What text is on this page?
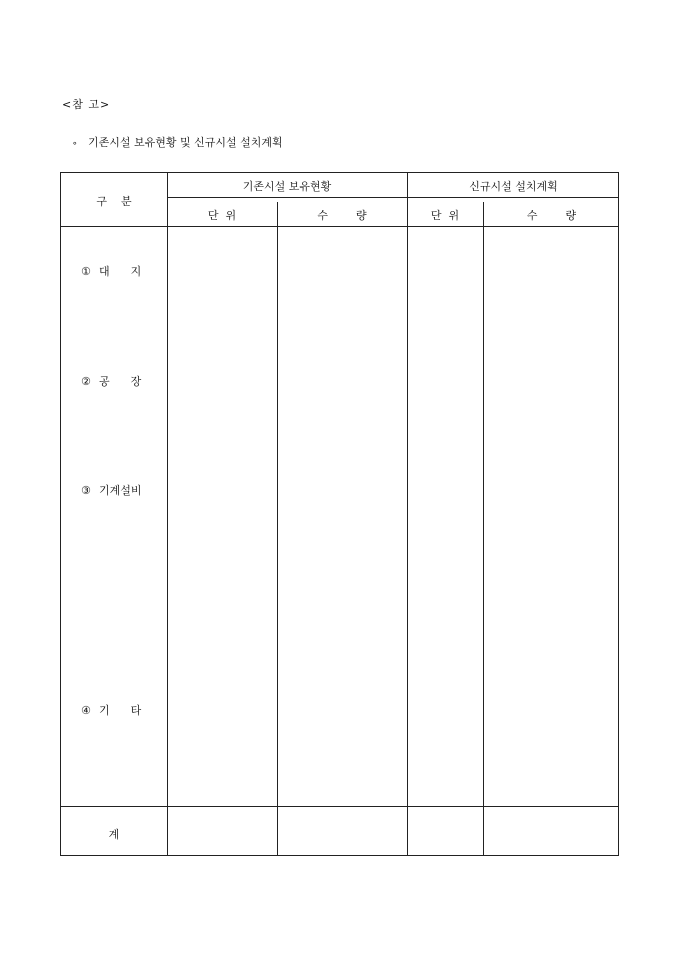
<참 고>
∘ 기존시설 보유현황 및 신규시설 설치계획
구    분
기존시설 보유현황	신규시설 설치계획
단  위	수        량	단  위	수        량
① 대      지
② 공      장
③ 기계설비
④ 기      타
계
